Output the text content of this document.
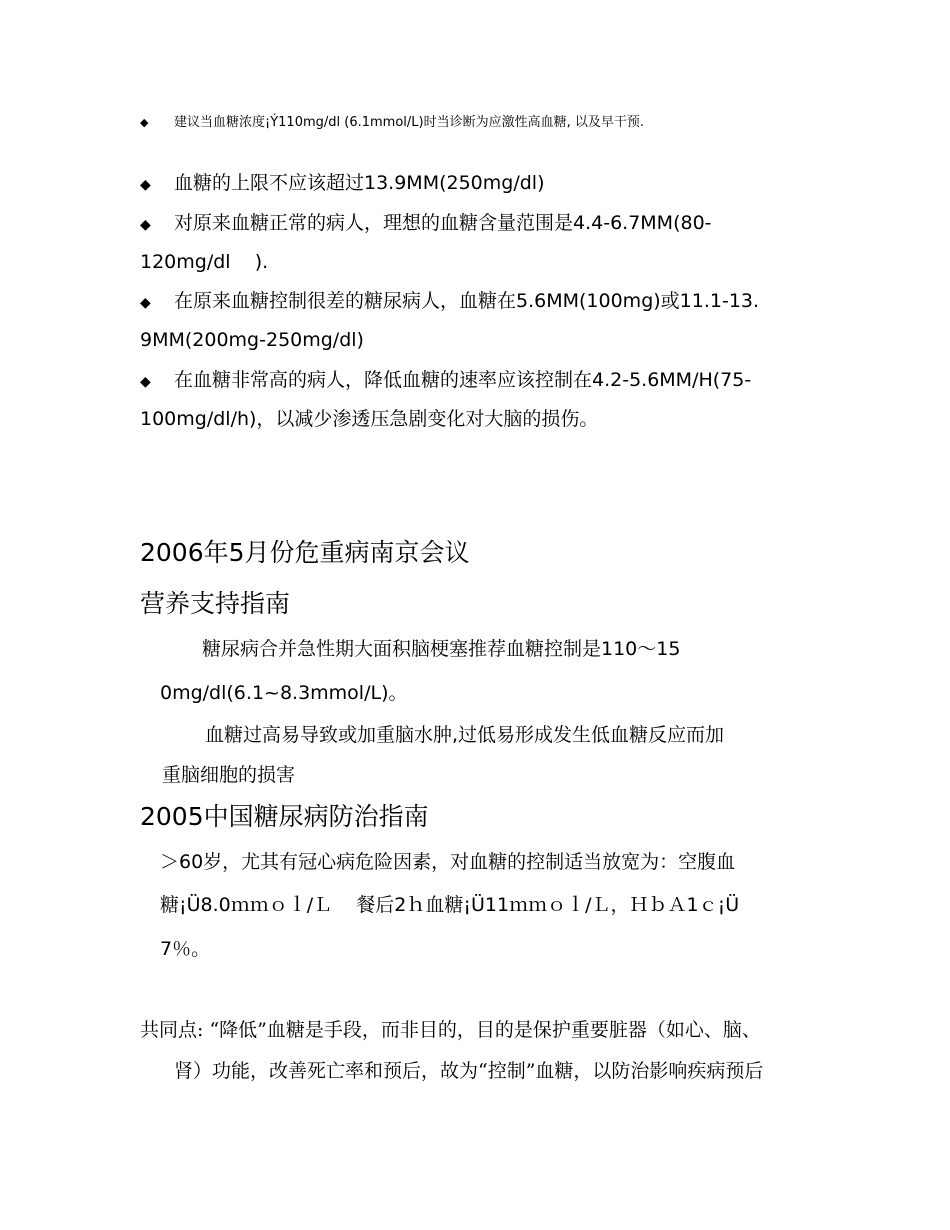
◆ 建议当血糖浓度¡Ý110mg/dl (6.1mmol/L)时当诊断为应激性高血糖, 以及早干预.
◆ 血糖的上限不应该超过13.9MM(250mg/dl)
◆ 对原来血糖正常的病人，理想的血糖含量范围是4.4-6.7MM(80-
120mg/dl    ).
◆ 在原来血糖控制很差的糖尿病人，血糖在5.6MM(100mg)或11.1-13.
9MM(200mg-250mg/dl)
◆ 在血糖非常高的病人，降低血糖的速率应该控制在4.2-5.6MM/H(75-
100mg/dl/h)，以减少渗透压急剧变化对大脑的损伤。
2006年5月份危重病南京会议
营养支持指南
糖尿病合并急性期大面积脑梗塞推荐血糖控制是110～15
0mg/dl(6.1~8.3mmol/L)。
血糖过高易导致或加重脑水肿,过低易形成发生低血糖反应而加
重脑细胞的损害
2005中国糖尿病防治指南
＞60岁，尤其有冠心病危险因素，对血糖的控制适当放宽为：空腹血
糖¡Ü8.0ｍｍｏｌ/Ｌ    餐后2ｈ血糖¡Ü11ｍｍｏｌ/Ｌ，ＨｂＡ1ｃ¡Ü
7％。
共同点: “降低”血糖是手段，而非目的，目的是保护重要脏器（如心、脑、
肾）功能，改善死亡率和预后，故为“控制”血糖，以防治影响疾病预后
